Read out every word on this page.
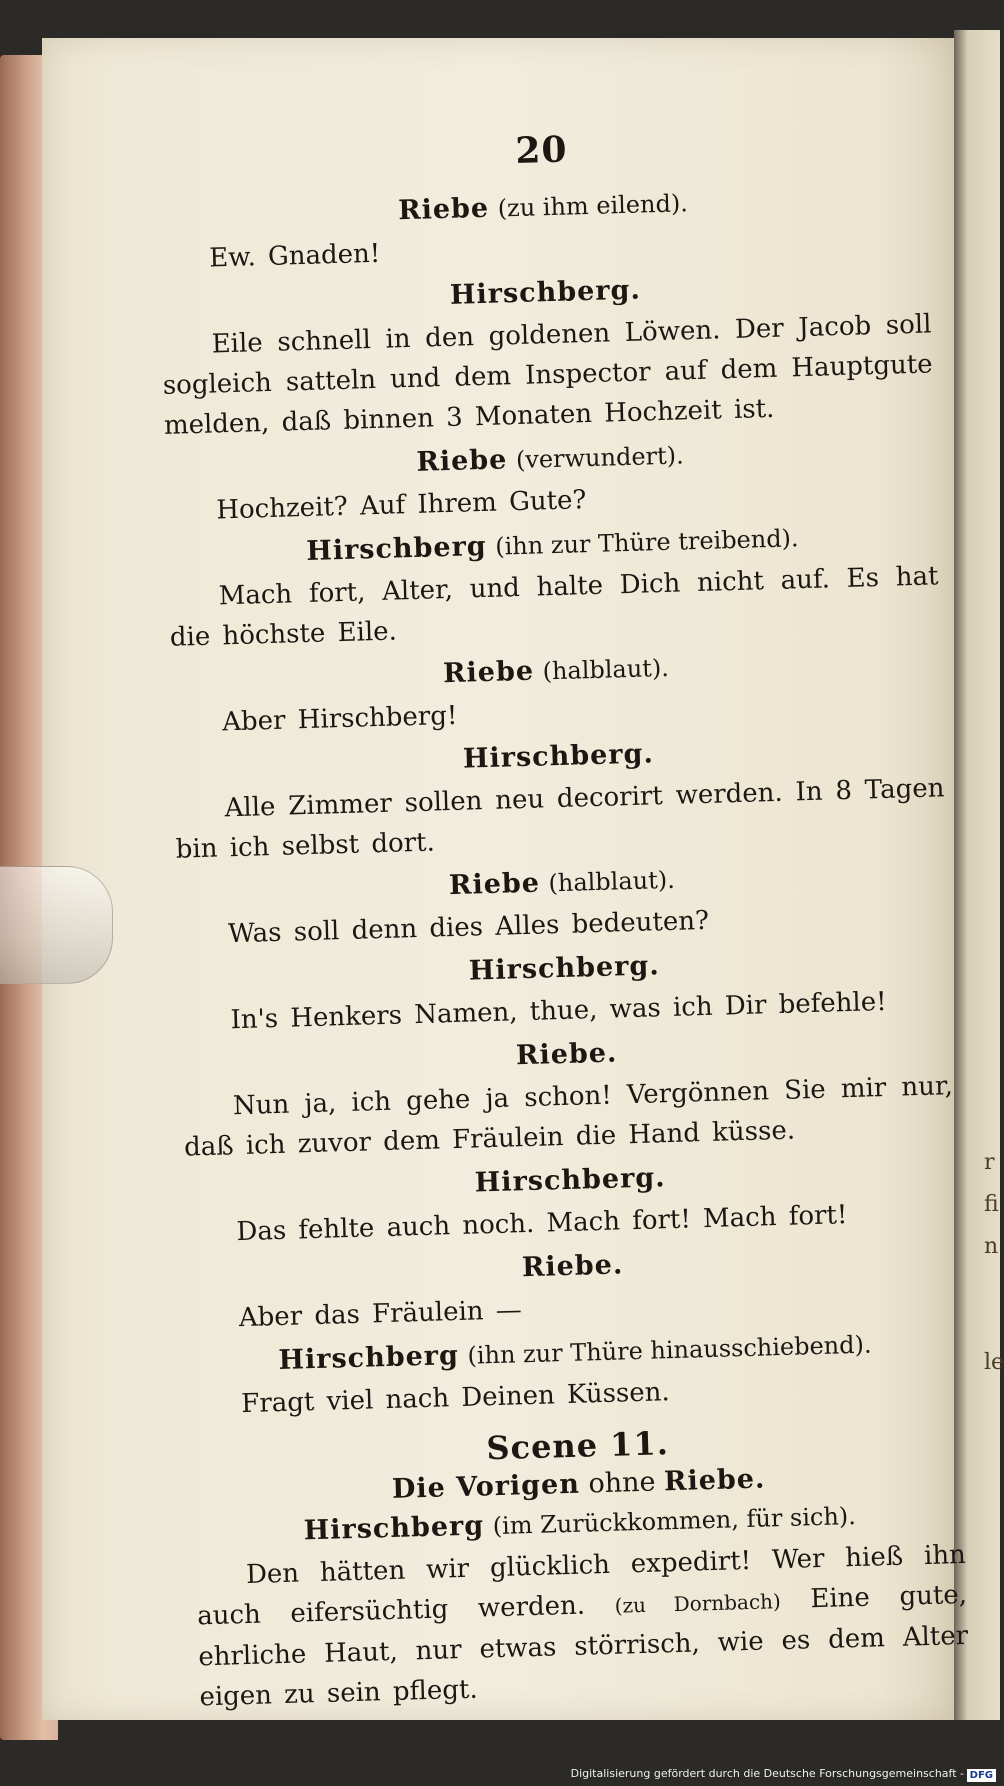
r
fi
n
le
20
Riebe (zu ihm eilend).

Ew. Gnaden!

Hirschberg.

Eile schnell in den goldenen Löwen. Der Jacob soll sogleich satteln und dem Inspector auf dem Hauptgute melden, daß binnen 3 Monaten Hochzeit ist.

Riebe (verwundert).

Hochzeit? Auf Ihrem Gute?

Hirschberg (ihn zur Thüre treibend).

Mach fort, Alter, und halte Dich nicht auf. Es hat die höchste Eile.

Riebe (halblaut).

Aber Hirschberg!

Hirschberg.

Alle Zimmer sollen neu decorirt werden. In 8 Tagen bin ich selbst dort.

Riebe (halblaut).

Was soll denn dies Alles bedeuten?

Hirschberg.

In's Henkers Namen, thue, was ich Dir befehle!

Riebe.

Nun ja, ich gehe ja schon! Vergönnen Sie mir nur, daß ich zuvor dem Fräulein die Hand küsse.

Hirschberg.

Das fehlte auch noch. Mach fort! Mach fort!

Riebe.

Aber das Fräulein —

Hirschberg (ihn zur Thüre hinausschiebend).

Fragt viel nach Deinen Küssen.

Scene 11.
Die Vorigen ohne Riebe.
Hirschberg (im Zurückkommen, für sich).

Den hätten wir glücklich expedirt! Wer hieß ihn auch eifersüchtig werden. (zu Dornbach) Eine gute, ehrliche Haut, nur etwas störrisch, wie es dem Alter eigen zu sein pflegt.

Digitalisierung gefördert durch die Deutsche Forschungsgemeinschaft - DFG
